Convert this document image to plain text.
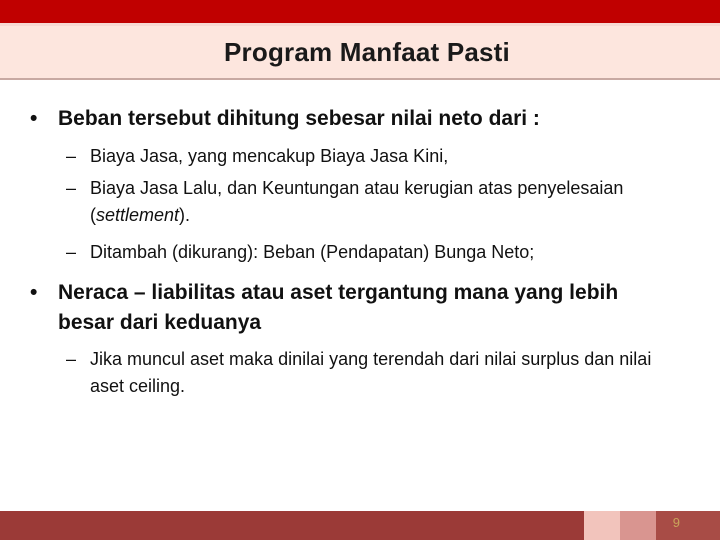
Program Manfaat Pasti
• Beban tersebut dihitung sebesar nilai neto dari :
– Biaya Jasa, yang mencakup Biaya Jasa Kini,
– Biaya Jasa Lalu, dan Keuntungan atau kerugian atas penyelesaian (settlement).
– Ditambah (dikurang): Beban (Pendapatan) Bunga Neto;
• Neraca – liabilitas atau aset tergantung mana yang lebih besar dari keduanya
– Jika muncul aset maka dinilai yang terendah dari nilai surplus dan nilai aset ceiling.
9
